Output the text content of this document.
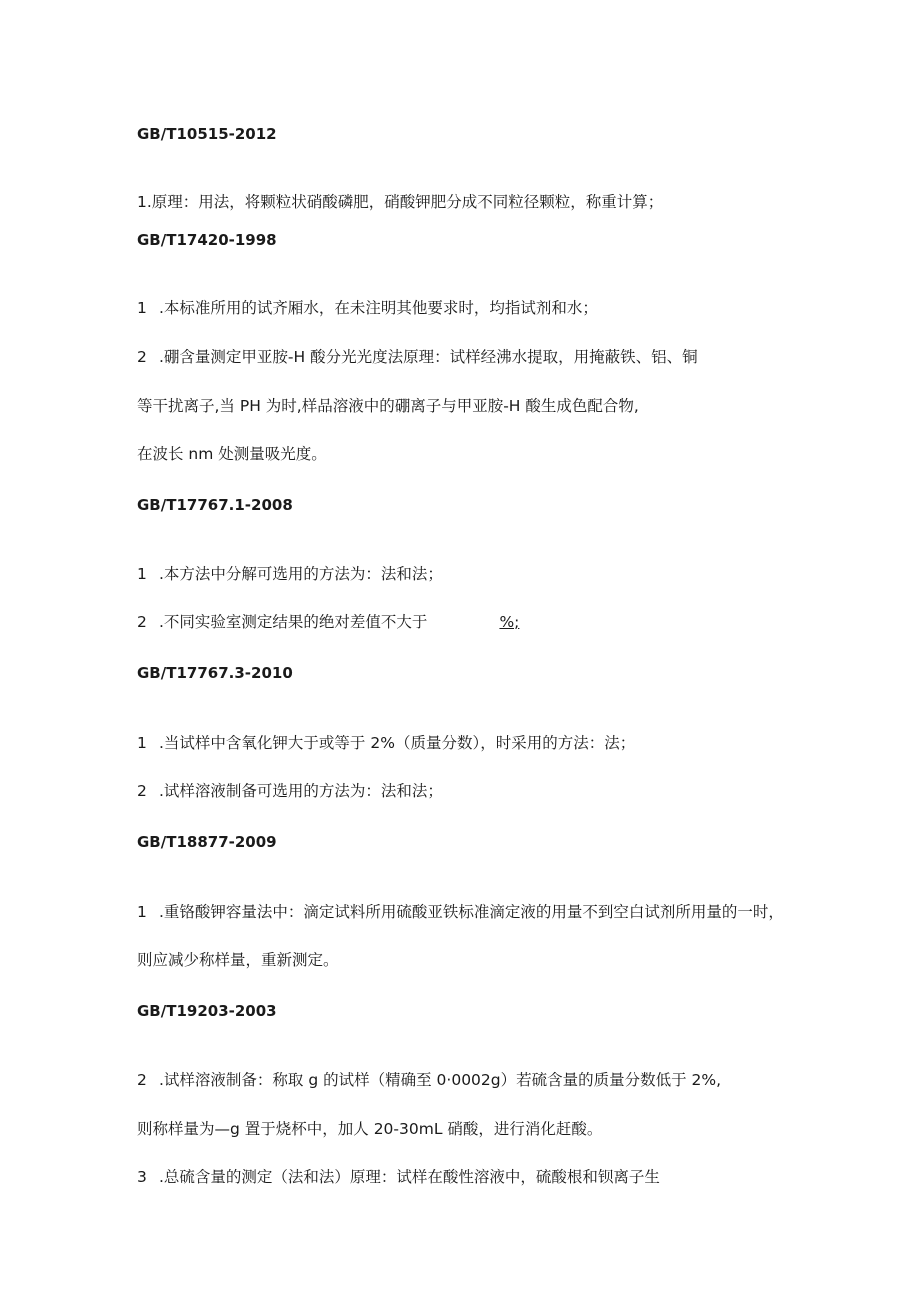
GB/T10515-2012

1.原理：用法，将颗粒状硝酸磷肥，硝酸钾肥分成不同粒径颗粒，称重计算；

GB/T17420-1998

1 .本标准所用的试齐厢水，在未注明其他要求时，均指试剂和水；

2 .硼含量测定甲亚胺-H 酸分光光度法原理：试样经沸水提取，用掩蔽铁、铝、铜

等干扰离子,当 PH 为时,样品溶液中的硼离子与甲亚胺-H 酸生成色配合物,

在波长 nm 处测量吸光度。

GB/T17767.1-2008

1 .本方法中分解可选用的方法为：法和法；

2 .不同实验室测定结果的绝对差值不大于	%;

GB/T17767.3-2010

1 .当试样中含氧化钾大于或等于 2%（质量分数），时采用的方法：法；

2 .试样溶液制备可选用的方法为：法和法；

GB/T18877-2009

1 .重铬酸钾容量法中：滴定试料所用硫酸亚铁标准滴定液的用量不到空白试剂所用量的一时，

则应减少称样量，重新测定。

GB/T19203-2003

2 .试样溶液制备：称取 g 的试样（精确至 0·0002g）若硫含量的质量分数低于 2%,

则称样量为—g 置于烧杯中，加人 20-30mL 硝酸，进行消化赶酸。

3 .总硫含量的测定（法和法）原理：试样在酸性溶液中，硫酸根和钡离子生
